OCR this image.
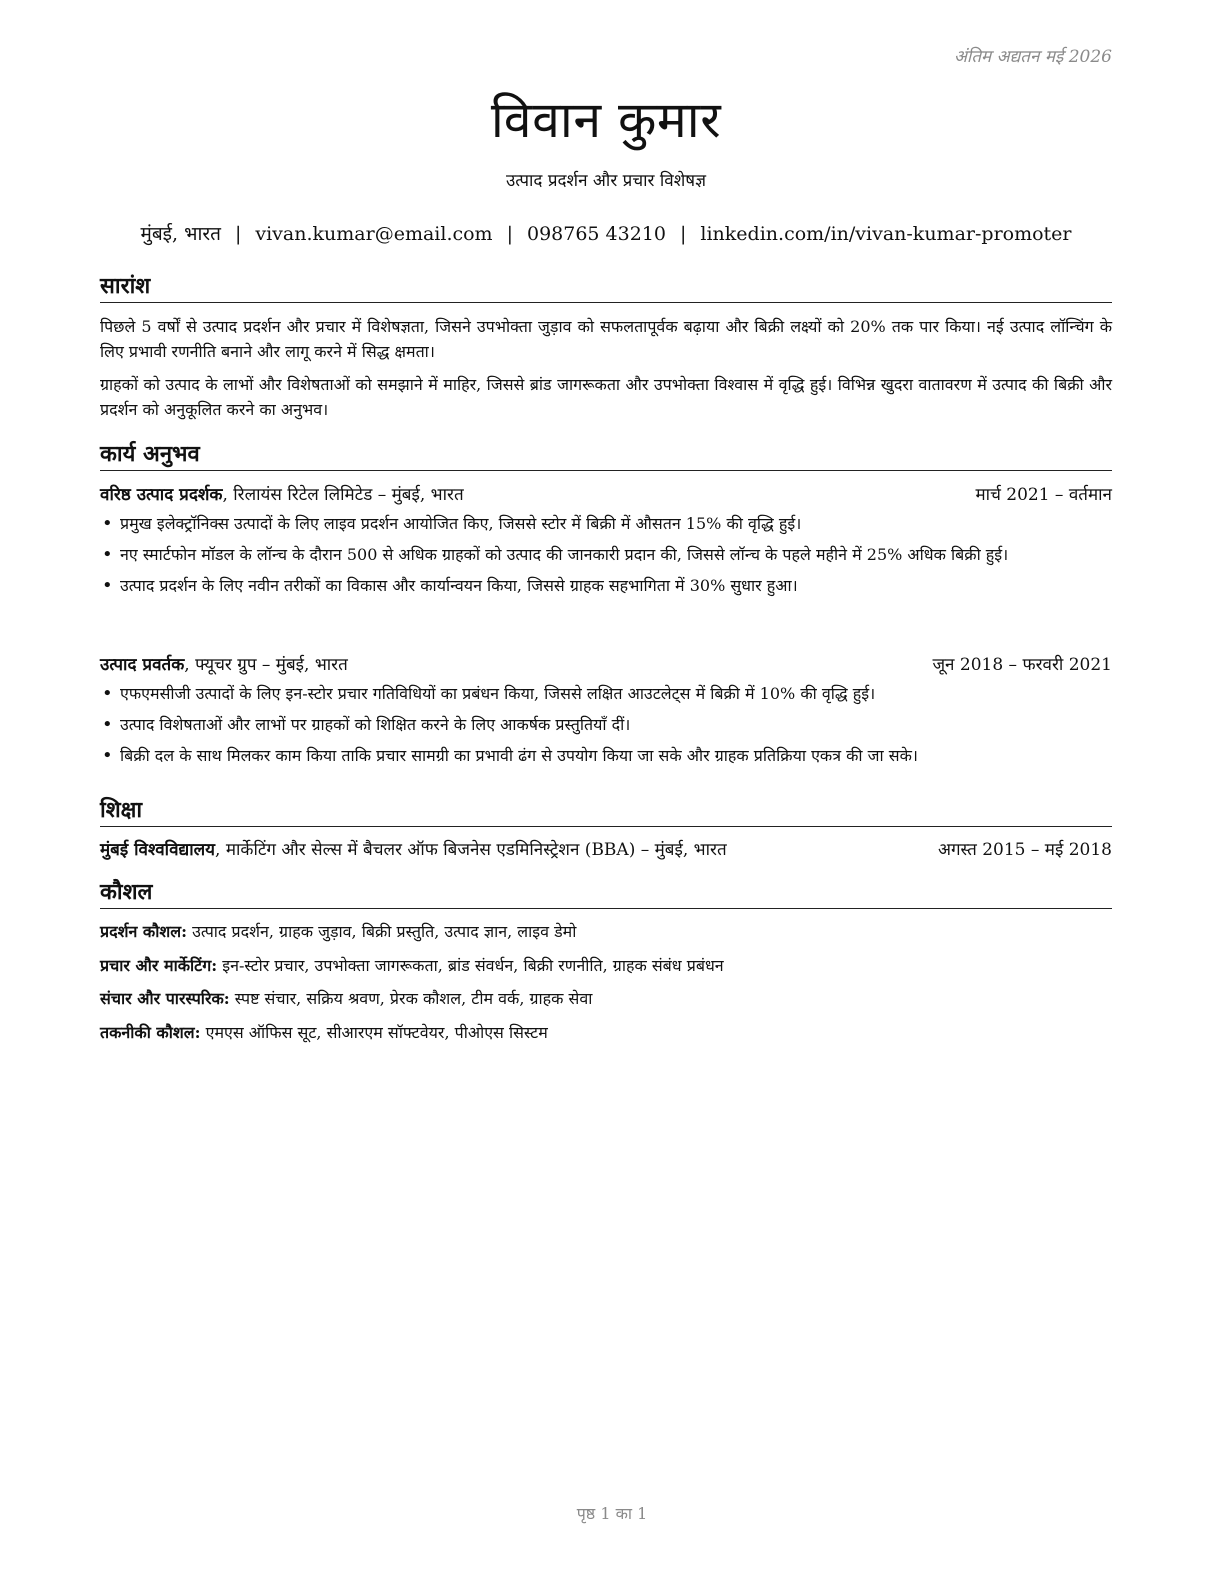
अंतिम अद्यतन मई 2026
विवान कुमार
उत्पाद प्रदर्शन और प्रचार विशेषज्ञ
मुंबई, भारत | vivan.kumar@email.com | 098765 43210 | linkedin.com/in/vivan-kumar-promoter
सारांश
पिछले 5 वर्षों से उत्पाद प्रदर्शन और प्रचार में विशेषज्ञता, जिसने उपभोक्ता जुड़ाव को सफलतापूर्वक बढ़ाया और बिक्री लक्ष्यों को 20% तक पार किया। नई उत्पाद लॉन्चिंग के लिए प्रभावी रणनीति बनाने और लागू करने में सिद्ध क्षमता।
ग्राहकों को उत्पाद के लाभों और विशेषताओं को समझाने में माहिर, जिससे ब्रांड जागरूकता और उपभोक्ता विश्वास में वृद्धि हुई। विभिन्न खुदरा वातावरण में उत्पाद की बिक्री और प्रदर्शन को अनुकूलित करने का अनुभव।
कार्य अनुभव
वरिष्ठ उत्पाद प्रदर्शक, रिलायंस रिटेल लिमिटेड – मुंबई, भारत	मार्च 2021 – वर्तमान
• प्रमुख इलेक्ट्रॉनिक्स उत्पादों के लिए लाइव प्रदर्शन आयोजित किए, जिससे स्टोर में बिक्री में औसतन 15% की वृद्धि हुई।
• नए स्मार्टफोन मॉडल के लॉन्च के दौरान 500 से अधिक ग्राहकों को उत्पाद की जानकारी प्रदान की, जिससे लॉन्च के पहले महीने में 25% अधिक बिक्री हुई।
• उत्पाद प्रदर्शन के लिए नवीन तरीकों का विकास और कार्यान्वयन किया, जिससे ग्राहक सहभागिता में 30% सुधार हुआ।
उत्पाद प्रवर्तक, फ्यूचर ग्रुप – मुंबई, भारत	जून 2018 – फरवरी 2021
• एफएमसीजी उत्पादों के लिए इन-स्टोर प्रचार गतिविधियों का प्रबंधन किया, जिससे लक्षित आउटलेट्स में बिक्री में 10% की वृद्धि हुई।
• उत्पाद विशेषताओं और लाभों पर ग्राहकों को शिक्षित करने के लिए आकर्षक प्रस्तुतियाँ दीं।
• बिक्री दल के साथ मिलकर काम किया ताकि प्रचार सामग्री का प्रभावी ढंग से उपयोग किया जा सके और ग्राहक प्रतिक्रिया एकत्र की जा सके।
शिक्षा
मुंबई विश्वविद्यालय, मार्केटिंग और सेल्स में बैचलर ऑफ बिजनेस एडमिनिस्ट्रेशन (BBA) – मुंबई, भारत	अगस्त 2015 – मई 2018
कौशल
प्रदर्शन कौशल: उत्पाद प्रदर्शन, ग्राहक जुड़ाव, बिक्री प्रस्तुति, उत्पाद ज्ञान, लाइव डेमो
प्रचार और मार्केटिंग: इन-स्टोर प्रचार, उपभोक्ता जागरूकता, ब्रांड संवर्धन, बिक्री रणनीति, ग्राहक संबंध प्रबंधन
संचार और पारस्परिक: स्पष्ट संचार, सक्रिय श्रवण, प्रेरक कौशल, टीम वर्क, ग्राहक सेवा
तकनीकी कौशल: एमएस ऑफिस सूट, सीआरएम सॉफ्टवेयर, पीओएस सिस्टम
पृष्ठ 1 का 1
